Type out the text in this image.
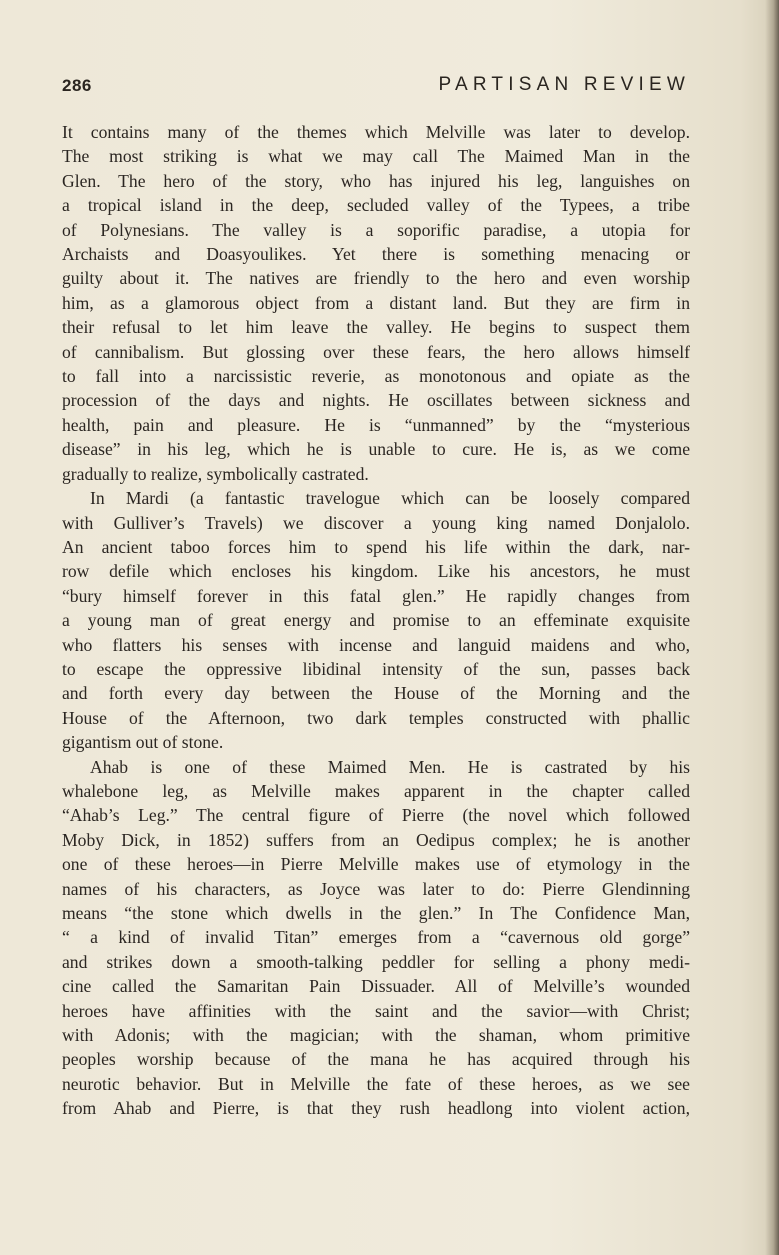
286	PARTISAN REVIEW
It contains many of the themes which Melville was later to develop.
The most striking is what we may call The Maimed Man in the
Glen. The hero of the story, who has injured his leg, languishes on
a tropical island in the deep, secluded valley of the Typees, a tribe
of Polynesians. The valley is a soporific paradise, a utopia for
Archaists and Doasyoulikes. Yet there is something menacing or
guilty about it. The natives are friendly to the hero and even worship
him, as a glamorous object from a distant land. But they are firm in
their refusal to let him leave the valley. He begins to suspect them
of cannibalism. But glossing over these fears, the hero allows himself
to fall into a narcissistic reverie, as monotonous and opiate as the
procession of the days and nights. He oscillates between sickness and
health, pain and pleasure. He is “unmanned” by the “mysterious
disease” in his leg, which he is unable to cure. He is, as we come
gradually to realize, symbolically castrated.
In Mardi (a fantastic travelogue which can be loosely compared
with Gulliver’s Travels) we discover a young king named Donjalolo.
An ancient taboo forces him to spend his life within the dark, nar-
row defile which encloses his kingdom. Like his ancestors, he must
“bury himself forever in this fatal glen.” He rapidly changes from
a young man of great energy and promise to an effeminate exquisite
who flatters his senses with incense and languid maidens and who,
to escape the oppressive libidinal intensity of the sun, passes back
and forth every day between the House of the Morning and the
House of the Afternoon, two dark temples constructed with phallic
gigantism out of stone.
Ahab is one of these Maimed Men. He is castrated by his
whalebone leg, as Melville makes apparent in the chapter called
“Ahab’s Leg.” The central figure of Pierre (the novel which followed
Moby Dick, in 1852) suffers from an Oedipus complex; he is another
one of these heroes—in Pierre Melville makes use of etymology in the
names of his characters, as Joyce was later to do: Pierre Glendinning
means “the stone which dwells in the glen.” In The Confidence Man,
“ a kind of invalid Titan” emerges from a “cavernous old gorge”
and strikes down a smooth-talking peddler for selling a phony medi-
cine called the Samaritan Pain Dissuader. All of Melville’s wounded
heroes have affinities with the saint and the savior—with Christ;
with Adonis; with the magician; with the shaman, whom primitive
peoples worship because of the mana he has acquired through his
neurotic behavior. But in Melville the fate of these heroes, as we see
from Ahab and Pierre, is that they rush headlong into violent action,
